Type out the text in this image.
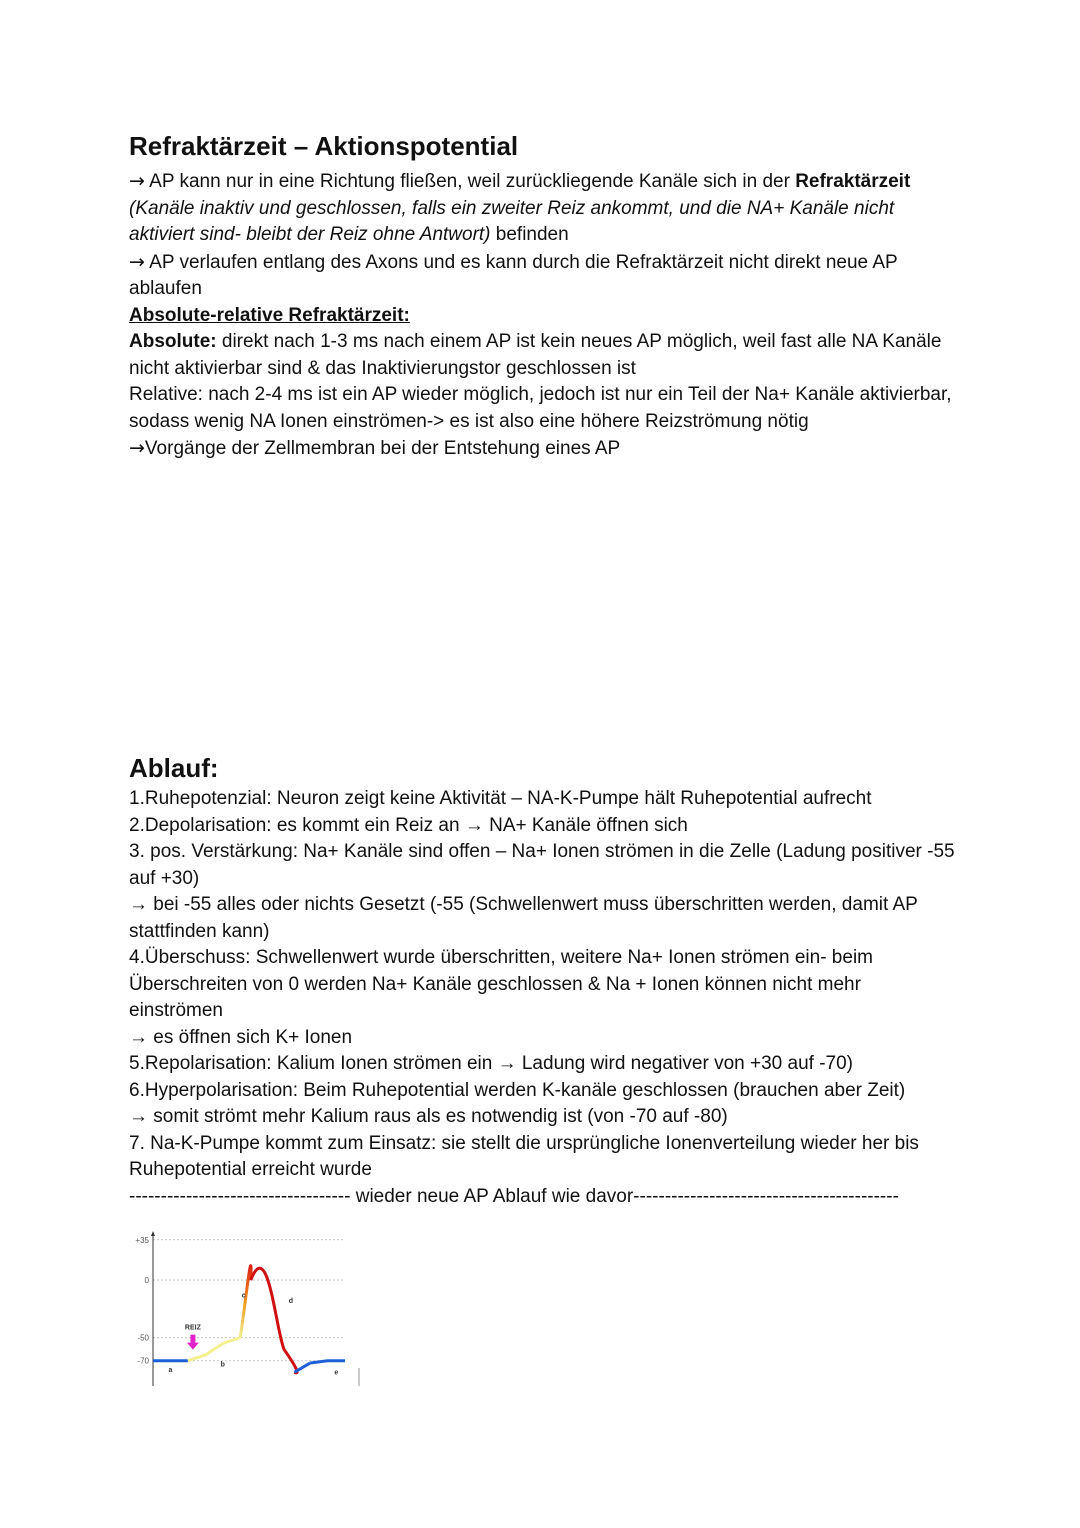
Refraktärzeit – Aktionspotential

→ AP kann nur in eine Richtung fließen, weil zurückliegende Kanäle sich in der Refraktärzeit (Kanäle inaktiv und geschlossen, falls ein zweiter Reiz ankommt, und die NA+ Kanäle nicht aktiviert sind- bleibt der Reiz ohne Antwort) befinden

→ AP verlaufen entlang des Axons und es kann durch die Refraktärzeit nicht direkt neue AP ablaufen

Absolute-relative Refraktärzeit:

Absolute: direkt nach 1-3 ms nach einem AP ist kein neues AP möglich, weil fast alle NA Kanäle nicht aktivierbar sind & das Inaktivierungstor geschlossen ist

Relative: nach 2-4 ms ist ein AP wieder möglich, jedoch ist nur ein Teil der Na+ Kanäle aktivierbar, sodass wenig NA Ionen einströmen-> es ist also eine höhere Reizströmung nötig

→Vorgänge der Zellmembran bei der Entstehung eines AP

Ablauf:

1.Ruhepotenzial: Neuron zeigt keine Aktivität – NA-K-Pumpe hält Ruhepotential aufrecht

2.Depolarisation: es kommt ein Reiz an → NA+ Kanäle öffnen sich

3. pos. Verstärkung: Na+ Kanäle sind offen – Na+ Ionen strömen in die Zelle (Ladung positiver -55 auf +30)

→ bei -55 alles oder nichts Gesetzt (-55 (Schwellenwert muss überschritten werden, damit AP stattfinden kann)

4.Überschuss: Schwellenwert wurde überschritten, weitere Na+ Ionen strömen ein- beim Überschreiten von 0 werden Na+ Kanäle geschlossen & Na + Ionen können nicht mehr einströmen

→ es öffnen sich K+ Ionen

5.Repolarisation: Kalium Ionen strömen ein → Ladung wird negativer von +30 auf -70)

6.Hyperpolarisation: Beim Ruhepotential werden K-kanäle geschlossen (brauchen aber Zeit)

→ somit strömt mehr Kalium raus als es notwendig ist (von -70 auf -80)

7. Na-K-Pumpe kommt zum Einsatz: sie stellt die ursprüngliche Ionenverteilung wieder her bis Ruhepotential erreicht wurde

----------------------------------- wieder neue AP Ablauf wie davor------------------------------------------
+35
0
-50
-70
REIZ
a
b
c
d
e
